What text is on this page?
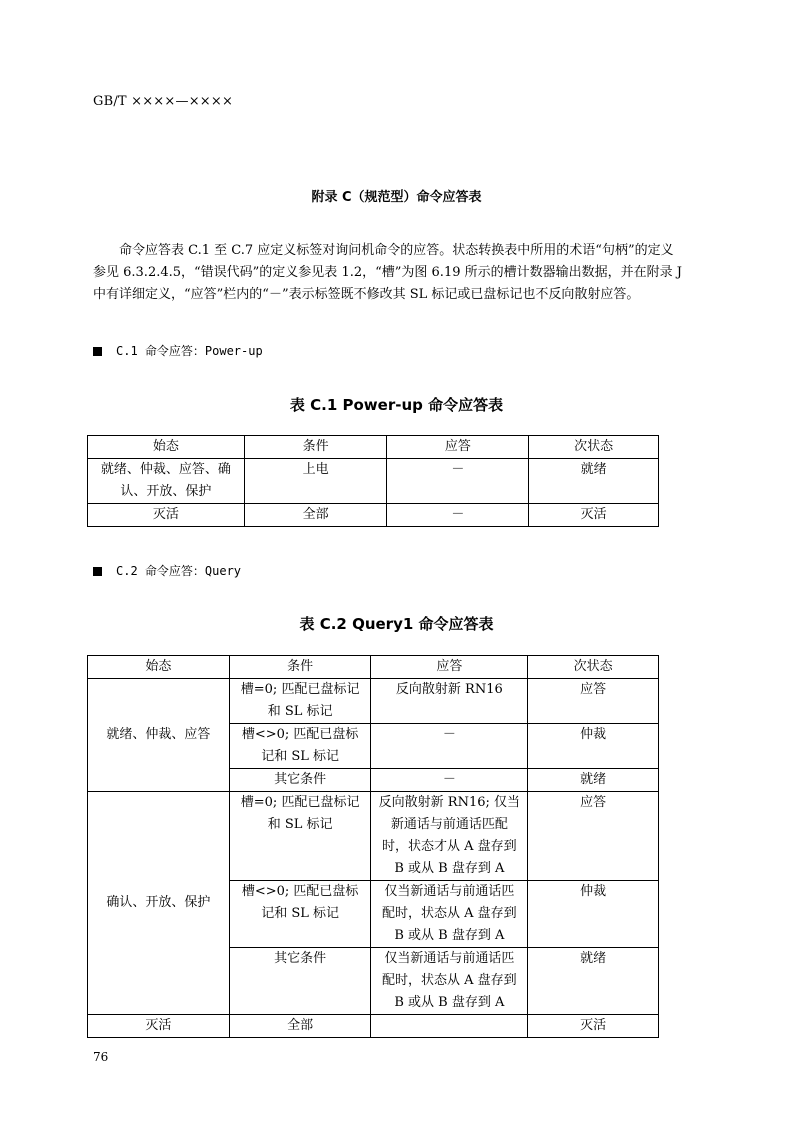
GB/T ××××—××××
附录 C（规范型）命令应答表
命令应答表 C.1 至 C.7 应定义标签对询问机命令的应答。状态转换表中所用的术语“句柄”的定义
参见 6.3.2.4.5，“错误代码”的定义参见表 1.2，“槽”为图 6.19 所示的槽计数器输出数据，并在附录 J
中有详细定义，“应答”栏内的“－”表示标签既不修改其 SL 标记或已盘标记也不反向散射应答。
C.1 命令应答：Power-up
表 C.1 Power-up 命令应答表
始态	条件	应答	次状态
就绪、仲裁、应答、确
认、开放、保护	上电	－	就绪
灭活	全部	－	灭活
C.2 命令应答：Query
表 C.2 Query1 命令应答表
始态	条件	应答	次状态
就绪、仲裁、应答	槽=0; 匹配已盘标记
和 SL 标记	反向散射新 RN16	应答
	槽<>0; 匹配已盘标
记和 SL 标记	－	仲裁
	其它条件	－	就绪
确认、开放、保护	槽=0; 匹配已盘标记
和 SL 标记	反向散射新 RN16; 仅当
新通话与前通话匹配
时，状态才从 A 盘存到
B 或从 B 盘存到 A	应答
	槽<>0; 匹配已盘标
记和 SL 标记	仅当新通话与前通话匹
配时，状态从 A 盘存到
B 或从 B 盘存到 A	仲裁
	其它条件	仅当新通话与前通话匹
配时，状态从 A 盘存到
B 或从 B 盘存到 A	就绪
灭活	全部		灭活
76
